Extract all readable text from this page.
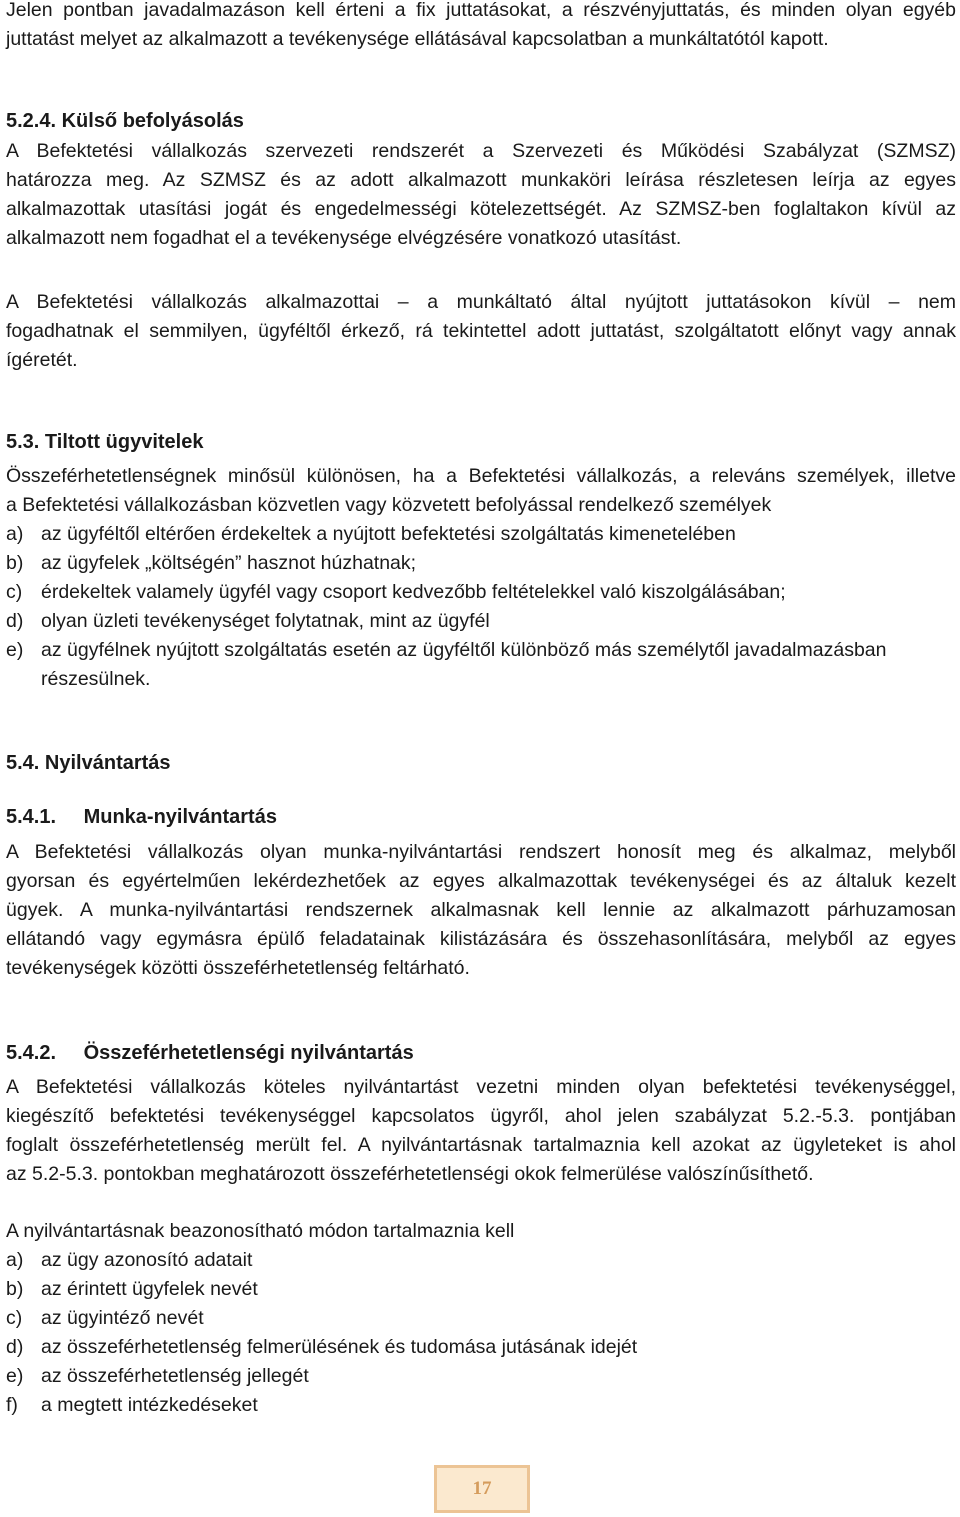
Jelen pontban javadalmazáson kell érteni a fix juttatásokat, a részvényjuttatás, és minden olyan egyéb
juttatást melyet az alkalmazott a tevékenysége ellátásával kapcsolatban a munkáltatótól kapott.
5.2.4. Külső befolyásolás
A Befektetési vállalkozás szervezeti rendszerét a Szervezeti és Működési Szabályzat (SZMSZ)
határozza meg. Az SZMSZ és az adott alkalmazott munkaköri leírása részletesen leírja az egyes
alkalmazottak utasítási jogát és engedelmességi kötelezettségét. Az SZMSZ-ben foglaltakon kívül az
alkalmazott nem fogadhat el a tevékenysége elvégzésére vonatkozó utasítást.
A Befektetési vállalkozás alkalmazottai – a munkáltató által nyújtott juttatásokon kívül – nem
fogadhatnak el semmilyen, ügyféltől érkező, rá tekintettel adott juttatást, szolgáltatott előnyt vagy annak
ígéretét.
5.3. Tiltott ügyvitelek
Összeférhetetlenségnek minősül különösen, ha a Befektetési vállalkozás, a releváns személyek, illetve
a Befektetési vállalkozásban közvetlen vagy közvetett befolyással rendelkező személyek
a) az ügyféltől eltérően érdekeltek a nyújtott befektetési szolgáltatás kimenetelében
b) az ügyfelek „költségén” hasznot húzhatnak;
c) érdekeltek valamely ügyfél vagy csoport kedvezőbb feltételekkel való kiszolgálásában;
d) olyan üzleti tevékenységet folytatnak, mint az ügyfél
e) az ügyfélnek nyújtott szolgáltatás esetén az ügyféltől különböző más személytől javadalmazásban
részesülnek.
5.4. Nyilvántartás
5.4.1. Munka-nyilvántartás
A Befektetési vállalkozás olyan munka-nyilvántartási rendszert honosít meg és alkalmaz, melyből
gyorsan és egyértelműen lekérdezhetőek az egyes alkalmazottak tevékenységei és az általuk kezelt
ügyek. A munka-nyilvántartási rendszernek alkalmasnak kell lennie az alkalmazott párhuzamosan
ellátandó vagy egymásra épülő feladatainak kilistázására és összehasonlítására, melyből az egyes
tevékenységek közötti összeférhetetlenség feltárható.
5.4.2. Összeférhetetlenségi nyilvántartás
A Befektetési vállalkozás köteles nyilvántartást vezetni minden olyan befektetési tevékenységgel,
kiegészítő befektetési tevékenységgel kapcsolatos ügyről, ahol jelen szabályzat 5.2.-5.3. pontjában
foglalt összeférhetetlenség merült fel. A nyilvántartásnak tartalmaznia kell azokat az ügyleteket is ahol
az 5.2-5.3. pontokban meghatározott összeférhetetlenségi okok felmerülése valószínűsíthető.
A nyilvántartásnak beazonosítható módon tartalmaznia kell
a) az ügy azonosító adatait
b) az érintett ügyfelek nevét
c) az ügyintéző nevét
d) az összeférhetetlenség felmerülésének és tudomása jutásának idejét
e) az összeférhetetlenség jellegét
f) a megtett intézkedéseket
17
